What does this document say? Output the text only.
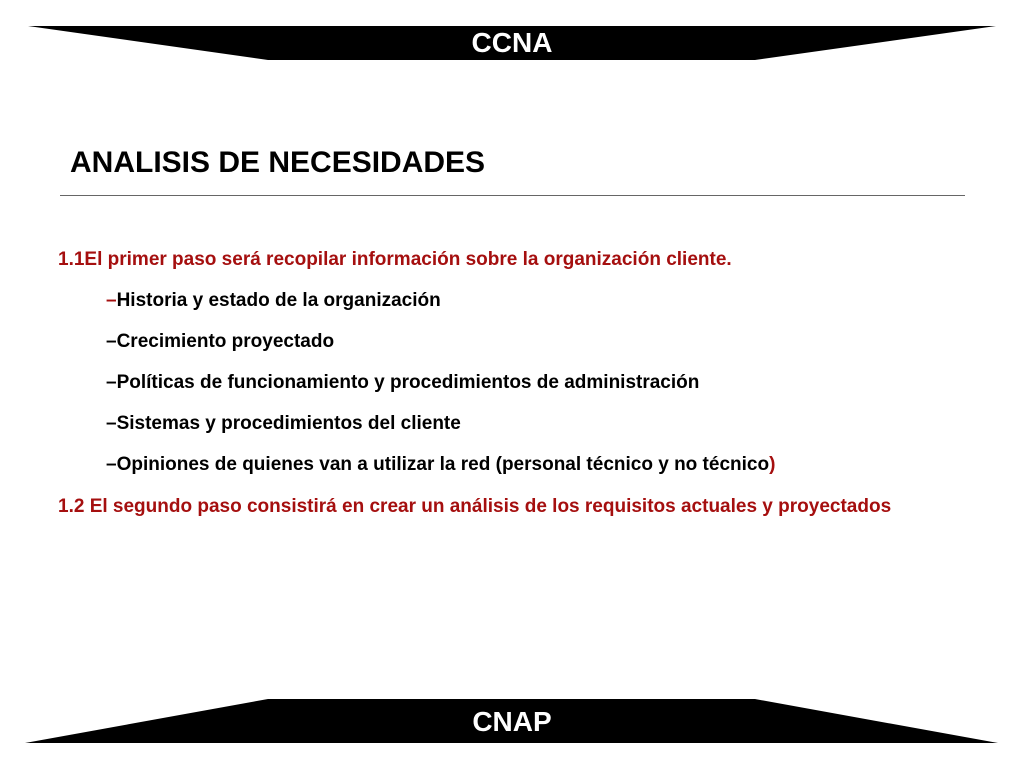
CCNA
ANALISIS DE NECESIDADES

1.1El primer paso será recopilar información sobre la organización cliente.

–Historia y estado de la organización

–Crecimiento proyectado

–Políticas de funcionamiento y procedimientos de administración

–Sistemas y procedimientos del cliente

–Opiniones de quienes van a utilizar la red (personal técnico y no técnico)

1.2 El segundo paso consistirá en crear un análisis de los requisitos actuales y proyectados

CNAP
